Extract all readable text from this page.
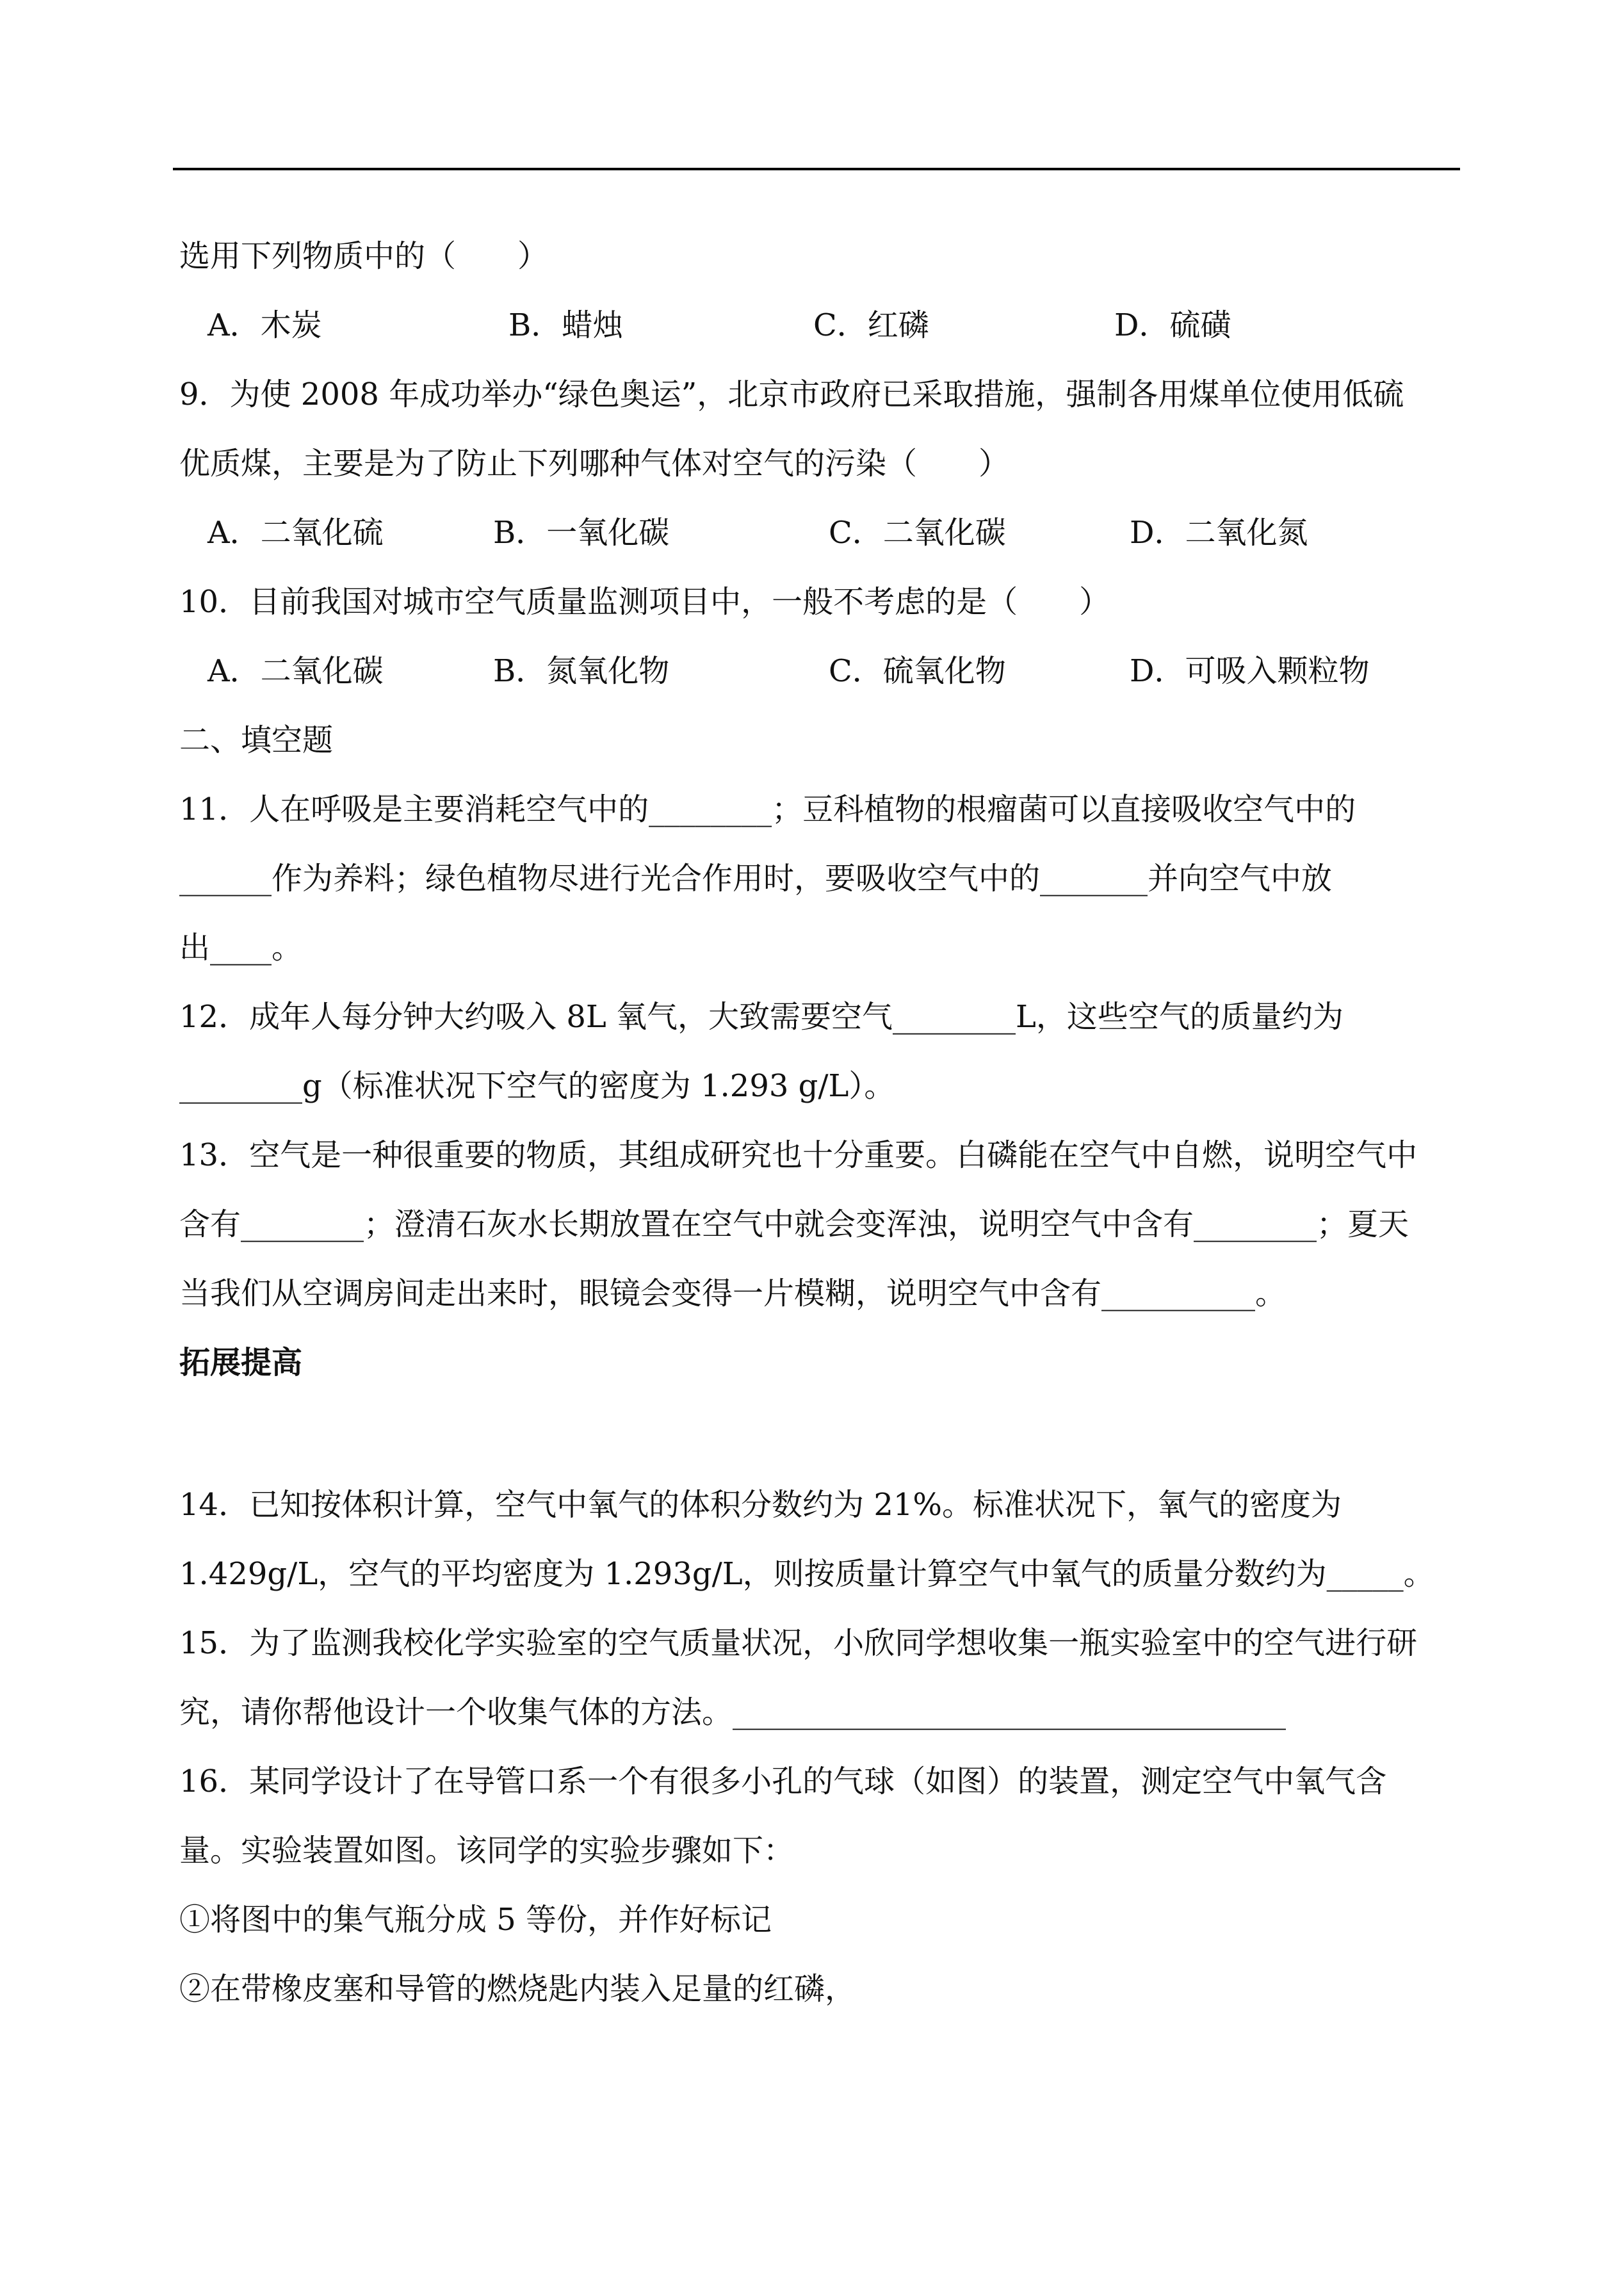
选用下列物质中的（　　）
A．木炭	B．蜡烛	C．红磷	D．硫磺
9．为使 2008 年成功举办“绿色奥运”，北京市政府已采取措施，强制各用煤单位使用低硫
优质煤，主要是为了防止下列哪种气体对空气的污染（　　）
A．二氧化硫	B．一氧化碳	C．二氧化碳	D．二氧化氮
10．目前我国对城市空气质量监测项目中，一般不考虑的是（　　）
A．二氧化碳	B．氮氧化物	C．硫氧化物	D．可吸入颗粒物
二、填空题
11．人在呼吸是主要消耗空气中的________；豆科植物的根瘤菌可以直接吸收空气中的
______作为养料；绿色植物尽进行光合作用时，要吸收空气中的_______并向空气中放
出____。
12．成年人每分钟大约吸入 8L 氧气，大致需要空气________L，这些空气的质量约为
________g（标准状况下空气的密度为 1.293 g/L）。
13．空气是一种很重要的物质，其组成研究也十分重要。白磷能在空气中自燃，说明空气中
含有________；澄清石灰水长期放置在空气中就会变浑浊，说明空气中含有________；夏天
当我们从空调房间走出来时，眼镜会变得一片模糊，说明空气中含有__________。
拓展提高
14．已知按体积计算，空气中氧气的体积分数约为 21%。标准状况下，氧气的密度为
1.429g/L，空气的平均密度为 1.293g/L，则按质量计算空气中氧气的质量分数约为_____。
15．为了监测我校化学实验室的空气质量状况，小欣同学想收集一瓶实验室中的空气进行研
究，请你帮他设计一个收集气体的方法。____________________________________
16．某同学设计了在导管口系一个有很多小孔的气球（如图）的装置，测定空气中氧气含
量。实验装置如图。该同学的实验步骤如下：
①将图中的集气瓶分成 5 等份，并作好标记
②在带橡皮塞和导管的燃烧匙内装入足量的红磷，
